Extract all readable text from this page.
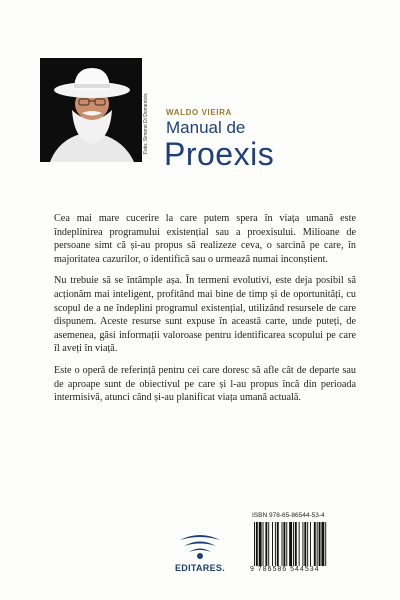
Foto: Simone Di Domenicis WALDO VIEIRA
Manual de
Proexis

Cea mai mare cucerire la care putem spera în viața umană este îndeplinirea programului existențial sau a proexisului. Milioane de persoane simt că și-au propus să realizeze ceva, o sarcină pe care, în majoritatea cazurilor, o identifică sau o urmează numai inconștient.

Nu trebuie să se întâmple așa. În termeni evolutivi, este deja posibil să acționăm mai inteligent, profitând mai bine de timp și de oportunități, cu scopul de a ne îndeplini programul existențial, utilizând resursele de care dispunem. Aceste resurse sunt expuse în această carte, unde puteți, de asemenea, găsi informații valoroase pentru identificarea scopului pe care îl aveți în viață.

Este o operă de referință pentru cei care doresc să afle cât de departe sau de aproape sunt de obiectivul pe care și l-au propus încă din perioada intermisivă, atunci când și-au planificat viața umană actuală.

EDITARES.
ISBN 978-65-86544-53-4
9 786586 544534
